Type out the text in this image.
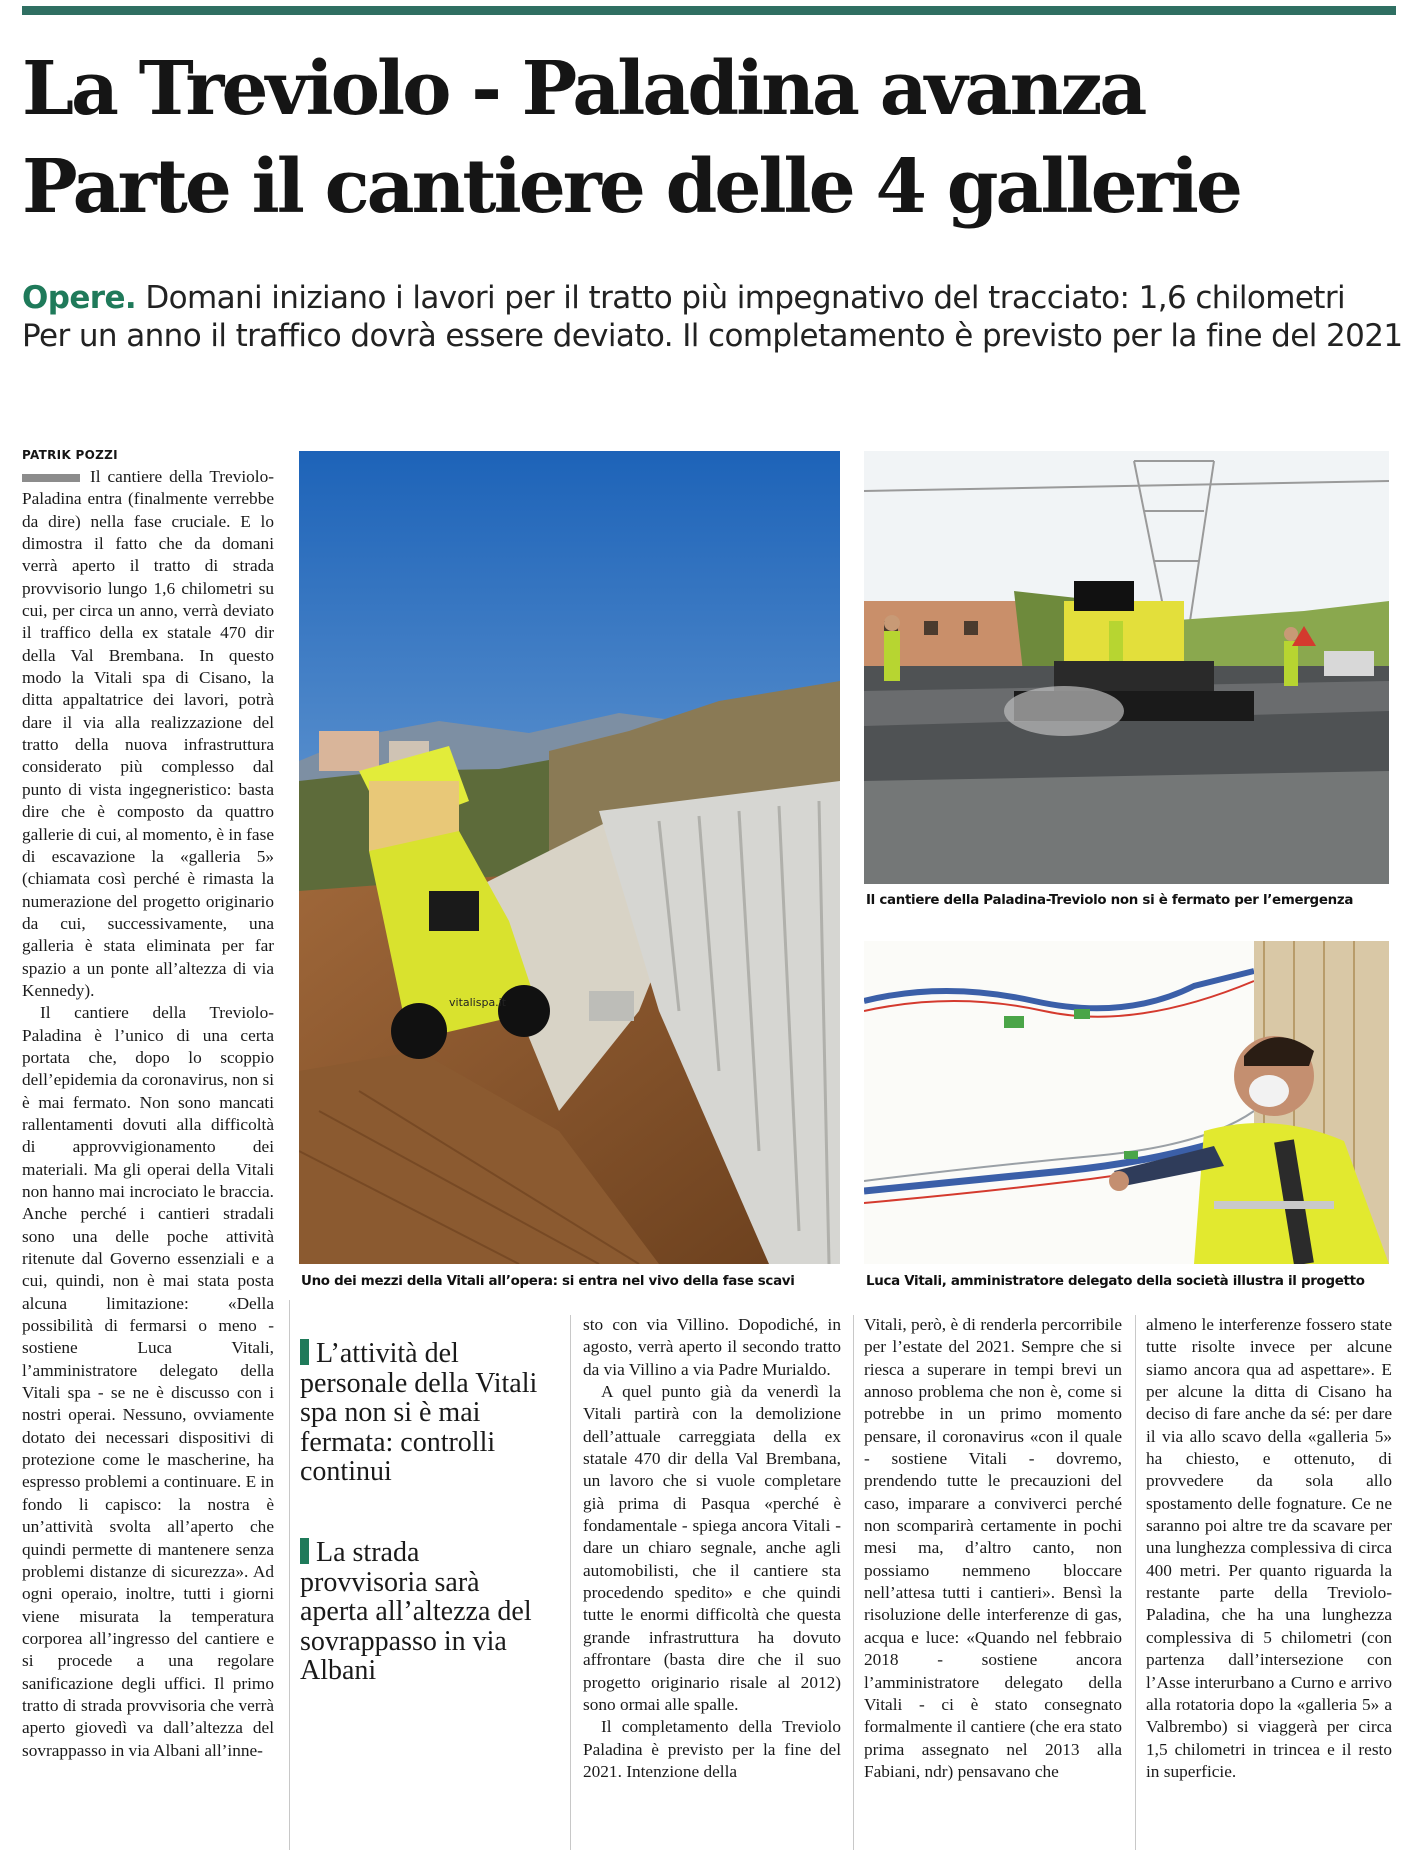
La Treviolo - Paladina avanza
Parte il cantiere delle 4 gallerie
Opere. Domani iniziano i lavori per il tratto più impegnativo del tracciato: 1,6 chilometri
Per un anno il traffico dovrà essere deviato. Il completamento è previsto per la fine del 2021
PATRIK POZZI

Il cantiere della Treviolo-Paladina entra (finalmente verrebbe da dire) nella fase cruciale. E lo dimostra il fatto che da domani verrà aperto il tratto di strada provvisorio lungo 1,6 chilometri su cui, per circa un anno, verrà deviato il traffico della ex statale 470 dir della Val Brembana. In questo modo la Vitali spa di Cisano, la ditta appaltatrice dei lavori, potrà dare il via alla realizzazione del tratto della nuova infrastruttura considerato più complesso dal punto di vista ingegneristico: basta dire che è composto da quattro gallerie di cui, al momento, è in fase di escavazione la «galleria 5» (chiamata così perché è rimasta la numerazione del progetto originario da cui, successivamente, una galleria è stata eliminata per far spazio a un ponte all’altezza di via Kennedy).

Il cantiere della Treviolo-Paladina è l’unico di una certa portata che, dopo lo scoppio dell’epidemia da coronavirus, non si è mai fermato. Non sono mancati rallentamenti dovuti alla difficoltà di approvvigionamento dei materiali. Ma gli operai della Vitali non hanno mai incrociato le braccia. Anche perché i cantieri stradali sono una delle poche attività ritenute dal Governo essenziali e a cui, quindi, non è mai stata posta alcuna limitazione: «Della possibilità di fermarsi o meno - sostiene Luca Vitali, l’amministratore delegato della Vitali spa - se ne è discusso con i nostri operai. Nessuno, ovviamente dotato dei necessari dispositivi di protezione come le mascherine, ha espresso problemi a continuare. E in fondo li capisco: la nostra è un’attività svolta all’aperto che quindi permette di mantenere senza problemi distanze di sicurezza». Ad ogni operaio, inoltre, tutti i giorni viene misurata la temperatura corporea all’ingresso del cantiere e si procede a una regolare sanificazione degli uffici. Il primo tratto di strada provvisoria che verrà aperto giovedì va dall’altezza del sovrappasso in via Albani all’inne-

vitalispa.it
Uno dei mezzi della Vitali all’opera: si entra nel vivo della fase scavi
Il cantiere della Paladina-Treviolo non si è fermato per l’emergenza
Luca Vitali, amministratore delegato della società illustra il progetto
L’attività del personale della Vitali spa non si è mai fermata: controlli continui
La strada provvisoria sarà aperta all’altezza del sovrappasso in via Albani

sto con via Villino. Dopodiché, in agosto, verrà aperto il secondo tratto da via Villino a via Padre Murialdo.

A quel punto già da venerdì la Vitali partirà con la demolizione dell’attuale carreggiata della ex statale 470 dir della Val Brembana, un lavoro che si vuole completare già prima di Pasqua «perché è fondamentale - spiega ancora Vitali - dare un chiaro segnale, anche agli automobilisti, che il cantiere sta procedendo spedito» e che quindi tutte le enormi difficoltà che questa grande infrastruttura ha dovuto affrontare (basta dire che il suo progetto originario risale al 2012) sono ormai alle spalle.

Il completamento della Treviolo Paladina è previsto per la fine del 2021. Intenzione della

Vitali, però, è di renderla percorribile per l’estate del 2021. Sempre che si riesca a superare in tempi brevi un annoso problema che non è, come si potrebbe in un primo momento pensare, il coronavirus «con il quale - sostiene Vitali - dovremo, prendendo tutte le precauzioni del caso, imparare a convivercі perché non scomparirà certamente in pochi mesi ma, d’altro canto, non possiamo nemmeno bloccare nell’attesa tutti i cantieri». Bensì la risoluzione delle interferenze di gas, acqua e luce: «Quando nel febbraio 2018 - sostiene ancora l’amministratore delegato della Vitali - ci è stato consegnato formalmente il cantiere (che era stato prima assegnato nel 2013 alla Fabiani, ndr) pensavano che

almeno le interferenze fossero state tutte risolte invece per alcune siamo ancora qua ad aspettare». E per alcune la ditta di Cisano ha deciso di fare anche da sé: per dare il via allo scavo della «galleria 5» ha chiesto, e ottenuto, di provvedere da sola allo spostamento delle fognature. Ce ne saranno poi altre tre da scavare per una lunghezza complessiva di circa 400 metri. Per quanto riguarda la restante parte della Treviolo- Paladina, che ha una lunghezza complessiva di 5 chilometri (con partenza dall’intersezione con l’Asse interurbano a Curno e arrivo alla rotatoria dopo la «galleria 5» a Valbrembo) si viaggerà per circa 1,5 chilometri in trincea e il resto in superficie.
